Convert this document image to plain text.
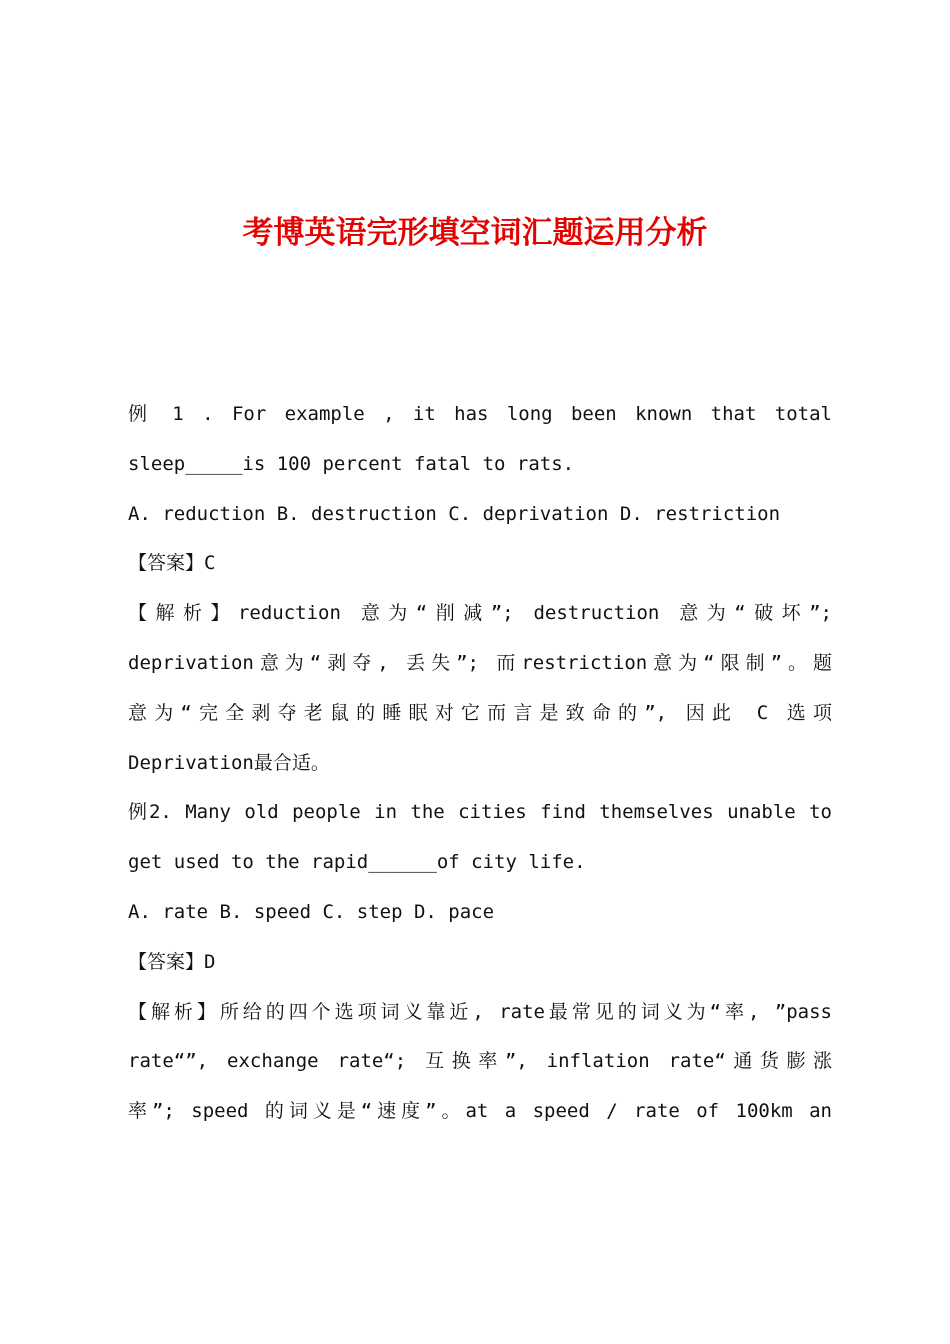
考博英语完形填空词汇题运用分析
例 1 . For example , it has long been known that total
sleep_____is 100 percent fatal to rats.
A. reduction B. destruction C. deprivation D. restriction
【答案】C
【解析】reduction 意为“削减”; destruction 意为“破坏”;
deprivation意为“剥夺, 丢失”; 而restriction意为“限制”。题
意为“完全剥夺老鼠的睡眠对它而言是致命的”, 因此 C 选项
Deprivation最合适。
例2. Many old people in the cities find themselves unable to
get used to the rapid______of city life.
A. rate B. speed C. step D. pace
【答案】D
【解析】所给的四个选项词义靠近, rate最常见的词义为“率, ”pass
rate“”, exchange rate“; 互换率”, inflation rate“通货膨涨
率”; speed 的词义是“速度”。at a speed / rate of 100km an
